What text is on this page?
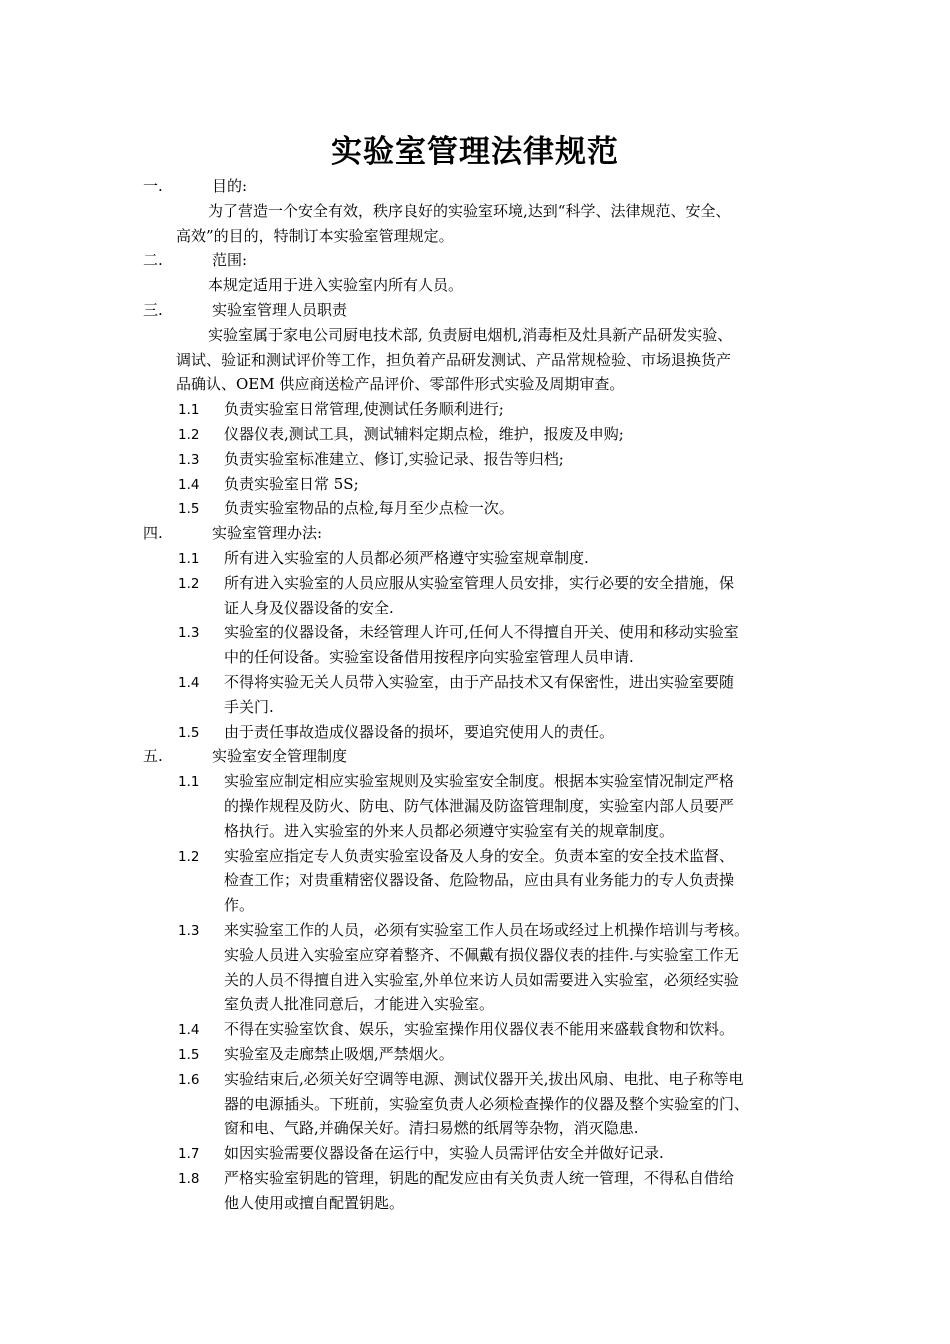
实验室管理法律规范
一.	目的:
为了营造一个安全有效，秩序良好的实验室环境,达到“科学、法律规范、安全、
高效”的目的，特制订本实验室管理规定。
二.	范围:
本规定适用于进入实验室内所有人员。
三.	实验室管理人员职责
实验室属于家电公司厨电技术部, 负责厨电烟机,消毒柜及灶具新产品研发实验、
调试、验证和测试评价等工作，担负着产品研发测试、产品常规检验、市场退换货产
品确认、OEM 供应商送检产品评价、零部件形式实验及周期审查。
1.1 负责实验室日常管理,使测试任务顺利进行;
1.2 仪器仪表,测试工具，测试辅料定期点检，维护，报废及申购;
1.3 负责实验室标准建立、修订,实验记录、报告等归档;
1.4 负责实验室日常 5S;
1.5 负责实验室物品的点检,每月至少点检一次。
四.	实验室管理办法:
1.1 所有进入实验室的人员都必须严格遵守实验室规章制度.
1.2 所有进入实验室的人员应服从实验室管理人员安排，实行必要的安全措施，保
证人身及仪器设备的安全.
1.3 实验室的仪器设备，未经管理人许可,任何人不得擅自开关、使用和移动实验室
中的任何设备。实验室设备借用按程序向实验室管理人员申请.
1.4 不得将实验无关人员带入实验室，由于产品技术又有保密性，进出实验室要随
手关门.
1.5 由于责任事故造成仪器设备的损坏，要追究使用人的责任。
五.	实验室安全管理制度
1.1 实验室应制定相应实验室规则及实验室安全制度。根据本实验室情况制定严格
的操作规程及防火、防电、防气体泄漏及防盗管理制度，实验室内部人员要严
格执行。进入实验室的外来人员都必须遵守实验室有关的规章制度。
1.2 实验室应指定专人负责实验室设备及人身的安全。负责本室的安全技术监督、
检查工作；对贵重精密仪器设备、危险物品，应由具有业务能力的专人负责操
作。
1.3 来实验室工作的人员，必须有实验室工作人员在场或经过上机操作培训与考核。
实验人员进入实验室应穿着整齐、不佩戴有损仪器仪表的挂件.与实验室工作无
关的人员不得擅自进入实验室,外单位来访人员如需要进入实验室，必须经实验
室负责人批准同意后，才能进入实验室。
1.4 不得在实验室饮食、娱乐，实验室操作用仪器仪表不能用来盛载食物和饮料。
1.5 实验室及走廊禁止吸烟,严禁烟火。
1.6 实验结束后,必须关好空调等电源、测试仪器开关,拔出风扇、电批、电子称等电
器的电源插头。下班前，实验室负责人必须检查操作的仪器及整个实验室的门、
窗和电、气路,并确保关好。清扫易燃的纸屑等杂物，消灭隐患.
1.7 如因实验需要仪器设备在运行中，实验人员需评估安全并做好记录.
1.8 严格实验室钥匙的管理，钥匙的配发应由有关负责人统一管理，不得私自借给
他人使用或擅自配置钥匙。
